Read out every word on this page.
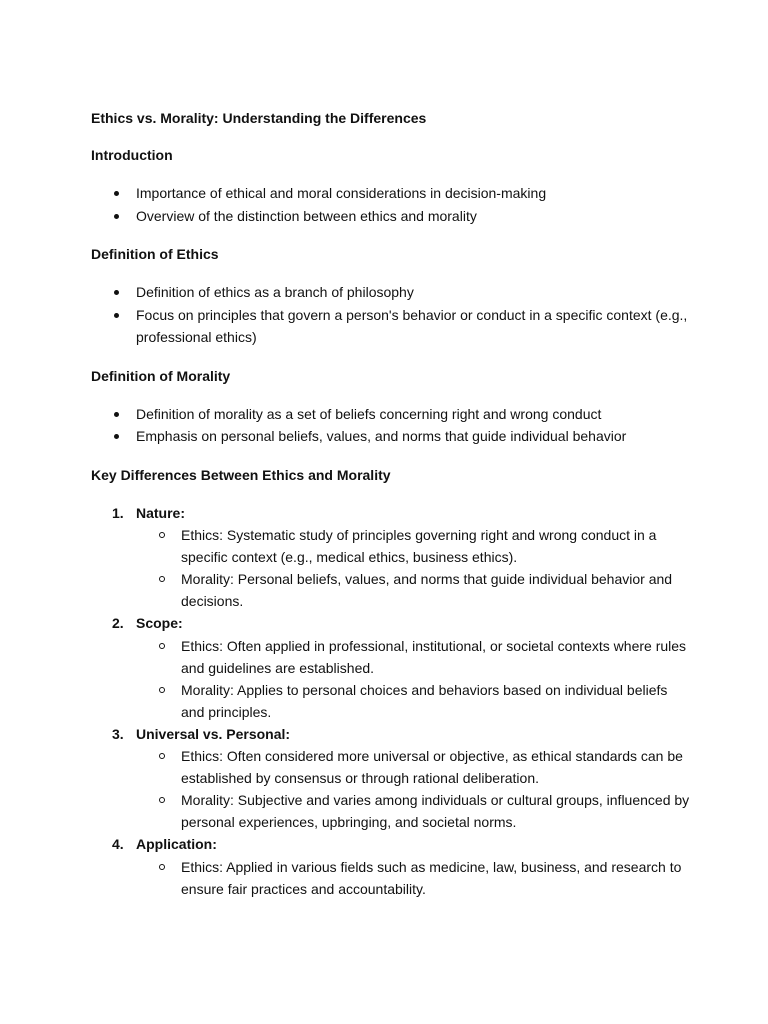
Ethics vs. Morality: Understanding the Differences
Introduction
Importance of ethical and moral considerations in decision-making
Overview of the distinction between ethics and morality
Definition of Ethics
Definition of ethics as a branch of philosophy
Focus on principles that govern a person's behavior or conduct in a specific context (e.g., professional ethics)
Definition of Morality
Definition of morality as a set of beliefs concerning right and wrong conduct
Emphasis on personal beliefs, values, and norms that guide individual behavior
Key Differences Between Ethics and Morality
1. Nature:
Ethics: Systematic study of principles governing right and wrong conduct in a specific context (e.g., medical ethics, business ethics).
Morality: Personal beliefs, values, and norms that guide individual behavior and decisions.
2. Scope:
Ethics: Often applied in professional, institutional, or societal contexts where rules and guidelines are established.
Morality: Applies to personal choices and behaviors based on individual beliefs and principles.
3. Universal vs. Personal:
Ethics: Often considered more universal or objective, as ethical standards can be established by consensus or through rational deliberation.
Morality: Subjective and varies among individuals or cultural groups, influenced by personal experiences, upbringing, and societal norms.
4. Application:
Ethics: Applied in various fields such as medicine, law, business, and research to ensure fair practices and accountability.
